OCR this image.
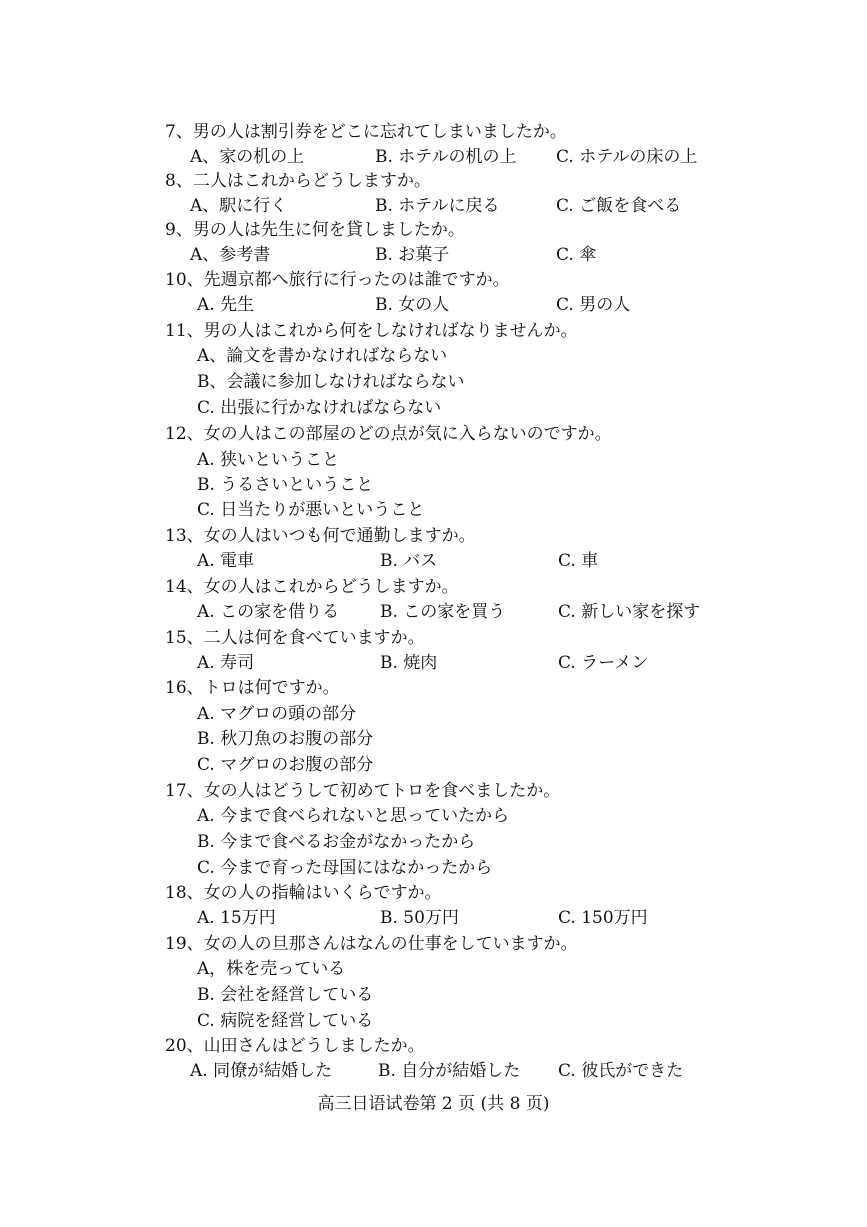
7、男の人は割引券をどこに忘れてしまいましたか。
A、家の机の上	B. ホテルの机の上 C. ホテルの床の上
8、二人はこれからどうしますか。
A、駅に行く	B. ホテルに戻る	C. ご飯を食べる
9、男の人は先生に何を貸しましたか。
A、参考書	B. お菓子	C. 傘
10、先週京都へ旅行に行ったのは誰ですか。
A. 先生	B. 女の人	C. 男の人
11、男の人はこれから何をしなければなりませんか。
A、論文を書かなければならない
B、会議に参加しなければならない
C. 出張に行かなければならない
12、女の人はこの部屋のどの点が気に入らないのですか。
A. 狭いということ
B. うるさいということ
C. 日当たりが悪いということ
13、女の人はいつも何で通勤しますか。
A. 電車	B. バス	C. 車
14、女の人はこれからどうしますか。
A. この家を借りる B. この家を買う	C. 新しい家を探す
15、二人は何を食べていますか。
A. 寿司	B. 焼肉	C. ラーメン
16、トロは何ですか。
A. マグロの頭の部分
B. 秋刀魚のお腹の部分
C. マグロのお腹の部分
17、女の人はどうして初めてトロを食べましたか。
A. 今まで食べられないと思っていたから
B. 今まで食べるお金がなかったから
C. 今まで育った母国にはなかったから
18、女の人の指輪はいくらですか。
A. 15万円	B. 50万円	C. 150万円
19、女の人の旦那さんはなんの仕事をしていますか。
A，株を売っている
B. 会社を経営している
C. 病院を経営している
20、山田さんはどうしましたか。
A. 同僚が結婚した	B. 自分が結婚した C. 彼氏ができた
高三日语试卷第 2 页 (共 8 页)
